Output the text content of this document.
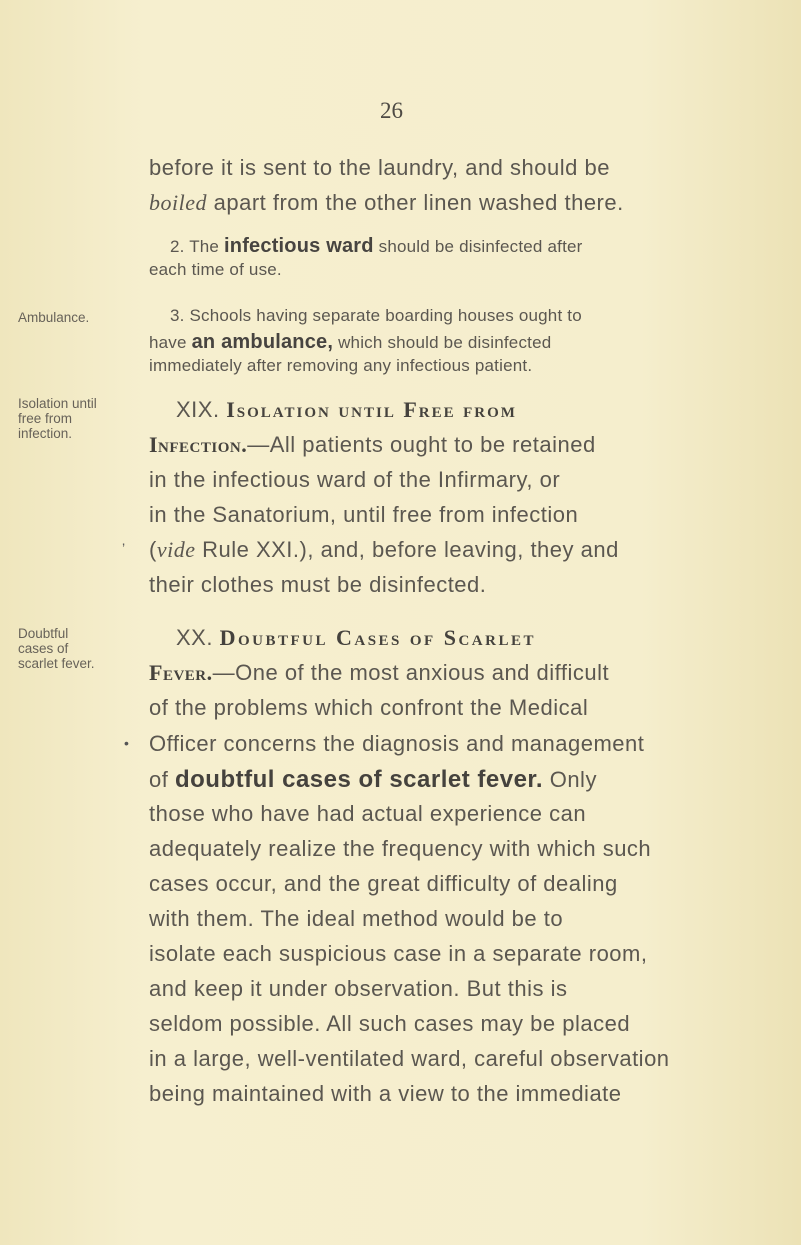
26
Ambulance.
Isolation until
free from
infection.
Doubtful
cases of
scarlet fever.
before it is sent to the laundry, and should be
boiled apart from the other linen washed there.
2. The infectious ward should be disinfected after
each time of use.
3. Schools having separate boarding houses ought to
have an ambulance, which should be disinfected
immediately after removing any infectious patient.
XIX. Isolation until Free from
Infection.—All patients ought to be retained
in the infectious ward of the Infirmary, or
in the Sanatorium, until free from infection
(vide Rule XXI.), and, before leaving, they and
their clothes must be disinfected.
XX. Doubtful Cases of Scarlet
Fever.—One of the most anxious and difficult
of the problems which confront the Medical
Officer concerns the diagnosis and management
of doubtful cases of scarlet fever. Only
those who have had actual experience can
adequately realize the frequency with which such
cases occur, and the great difficulty of dealing
with them. The ideal method would be to
isolate each suspicious case in a separate room,
and keep it under observation. But this is
seldom possible. All such cases may be placed
in a large, well-ventilated ward, careful observation
being maintained with a view to the immediate
’
•
